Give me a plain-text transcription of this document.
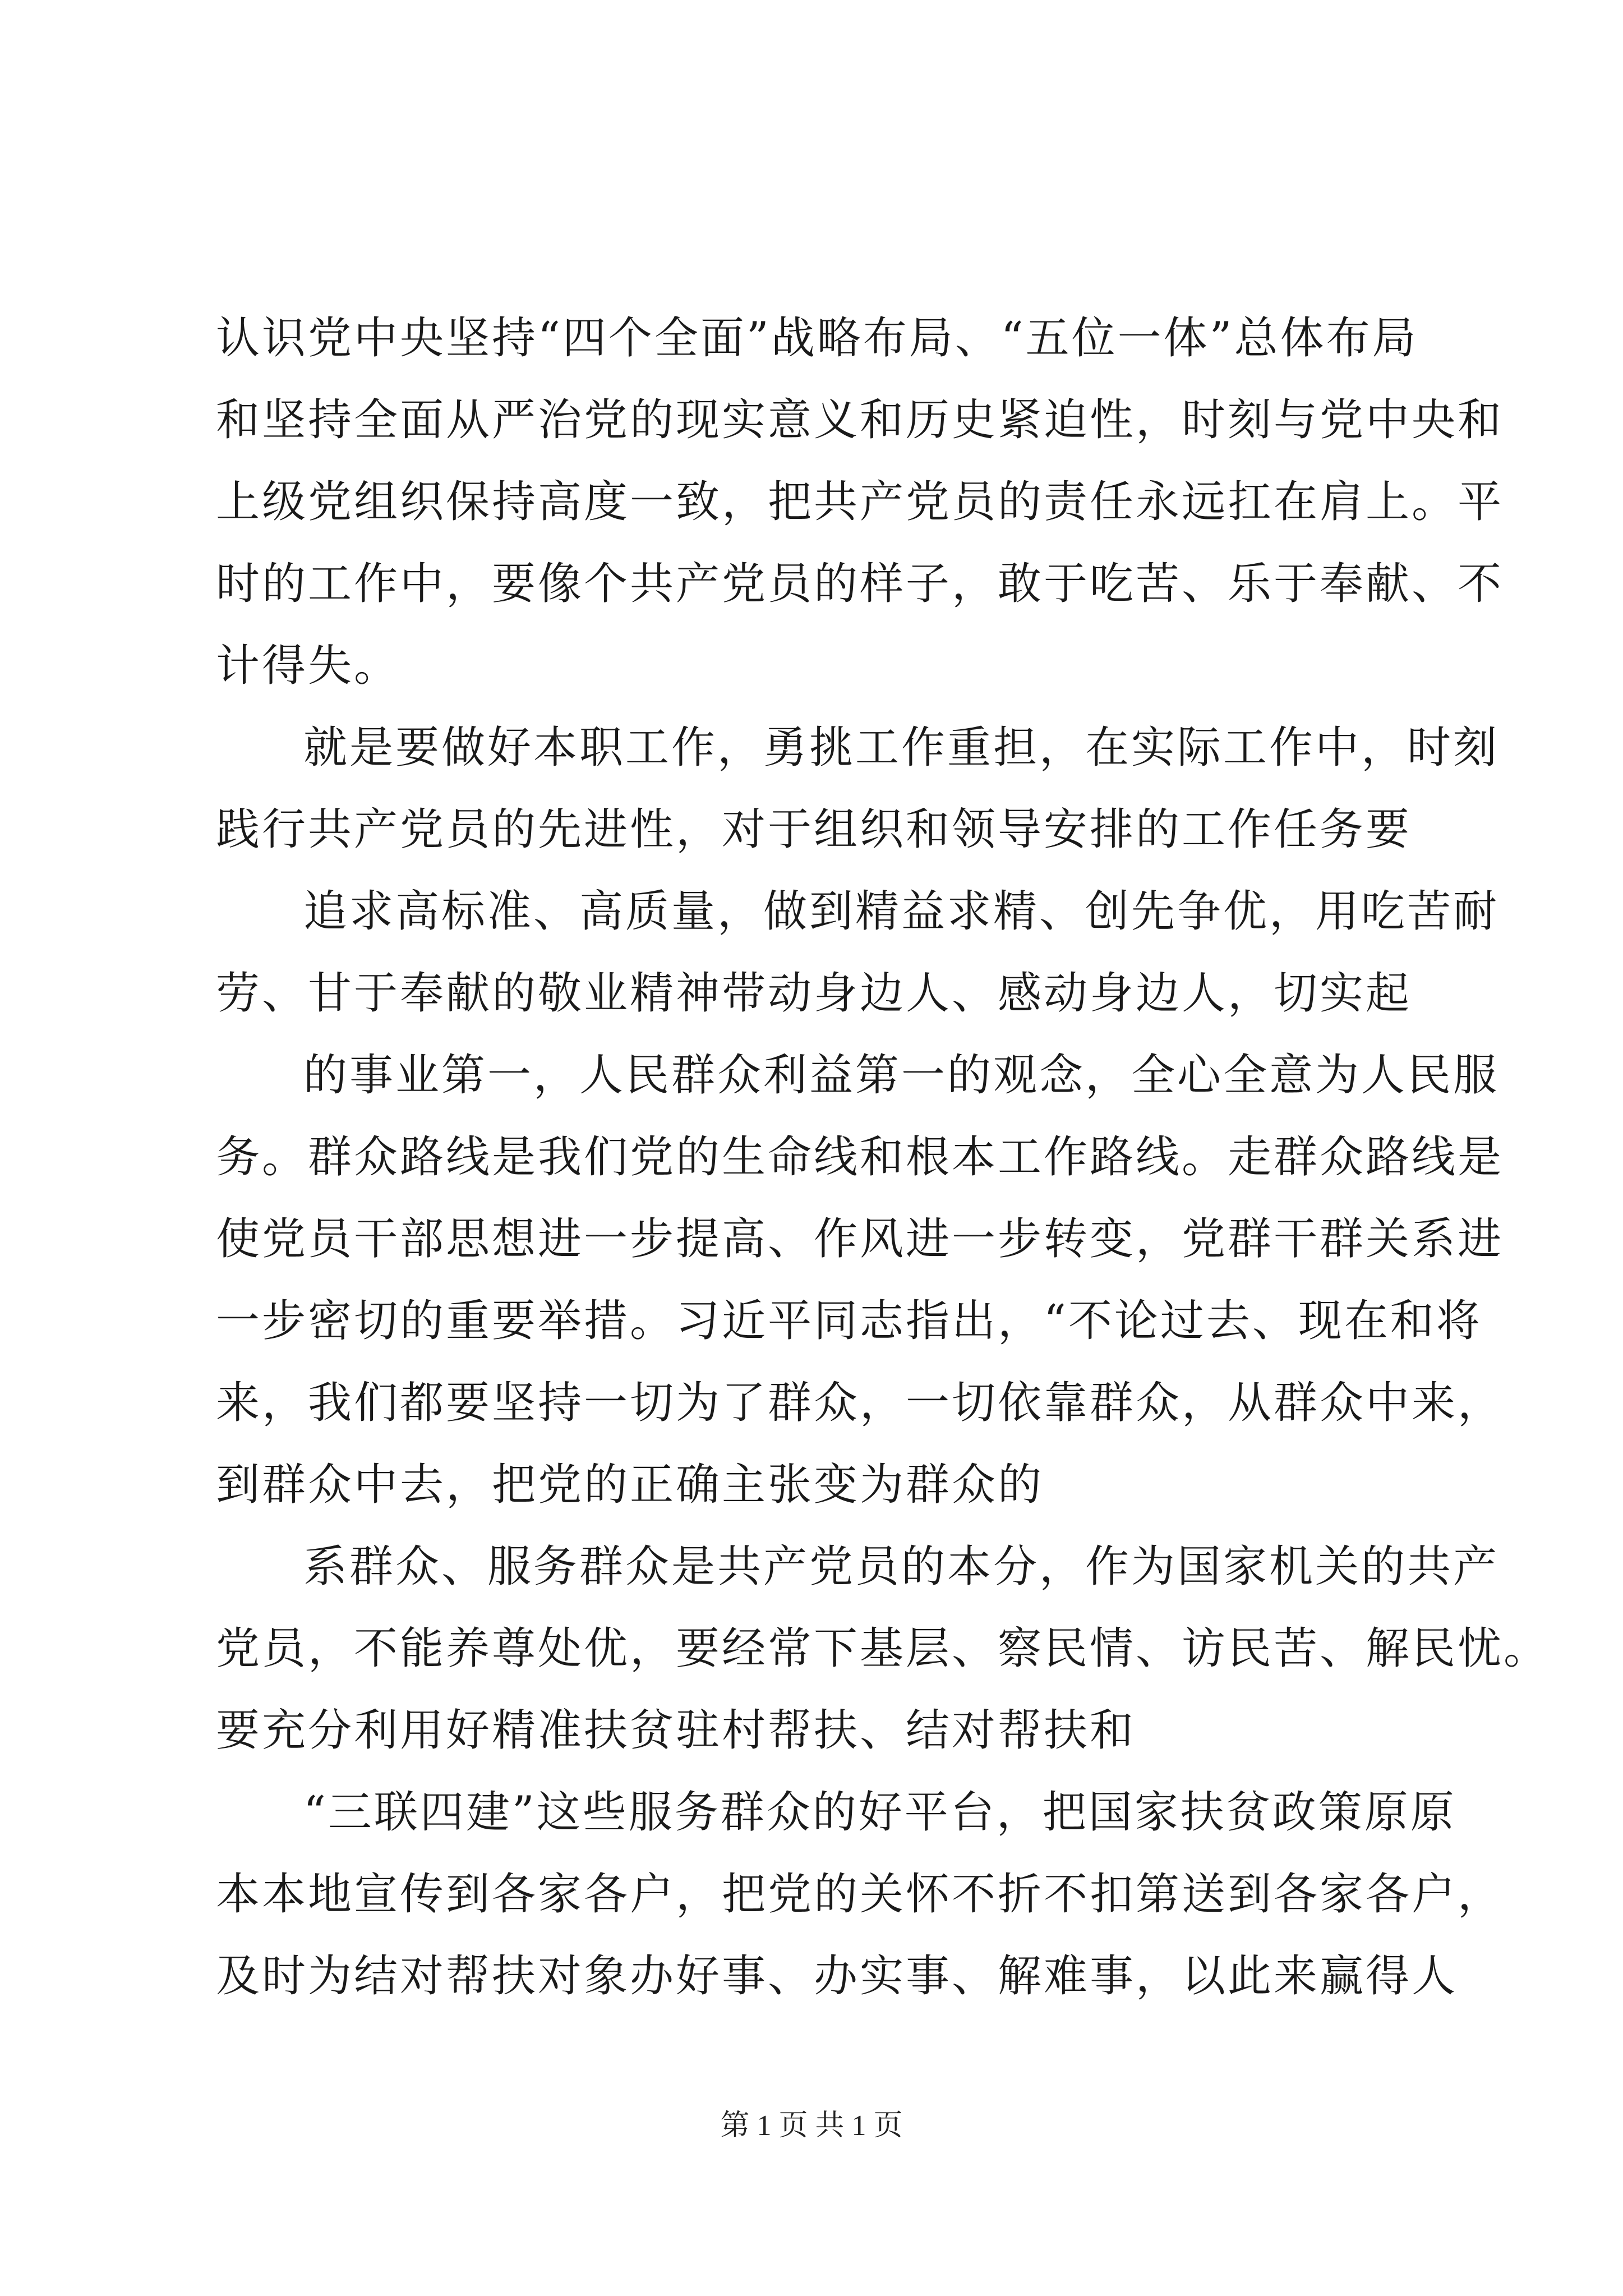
认识党中央坚持“四个全面”战略布局、“五位一体”总体布局
和坚持全面从严治党的现实意义和历史紧迫性，时刻与党中央和
上级党组织保持高度一致，把共产党员的责任永远扛在肩上。平
时的工作中，要像个共产党员的样子，敢于吃苦、乐于奉献、不
计得失。
就是要做好本职工作，勇挑工作重担，在实际工作中，时刻
践行共产党员的先进性，对于组织和领导安排的工作任务要
追求高标准、高质量，做到精益求精、创先争优，用吃苦耐
劳、甘于奉献的敬业精神带动身边人、感动身边人，切实起
的事业第一，人民群众利益第一的观念，全心全意为人民服
务。群众路线是我们党的生命线和根本工作路线。走群众路线是
使党员干部思想进一步提高、作风进一步转变，党群干群关系进
一步密切的重要举措。习近平同志指出，“不论过去、现在和将
来，我们都要坚持一切为了群众，一切依靠群众，从群众中来，
到群众中去，把党的正确主张变为群众的
系群众、服务群众是共产党员的本分，作为国家机关的共产
党员，不能养尊处优，要经常下基层、察民情、访民苦、解民忧。
要充分利用好精准扶贫驻村帮扶、结对帮扶和
“三联四建”这些服务群众的好平台，把国家扶贫政策原原
本本地宣传到各家各户，把党的关怀不折不扣第送到各家各户，
及时为结对帮扶对象办好事、办实事、解难事，以此来赢得人
第 1 页 共 1 页
